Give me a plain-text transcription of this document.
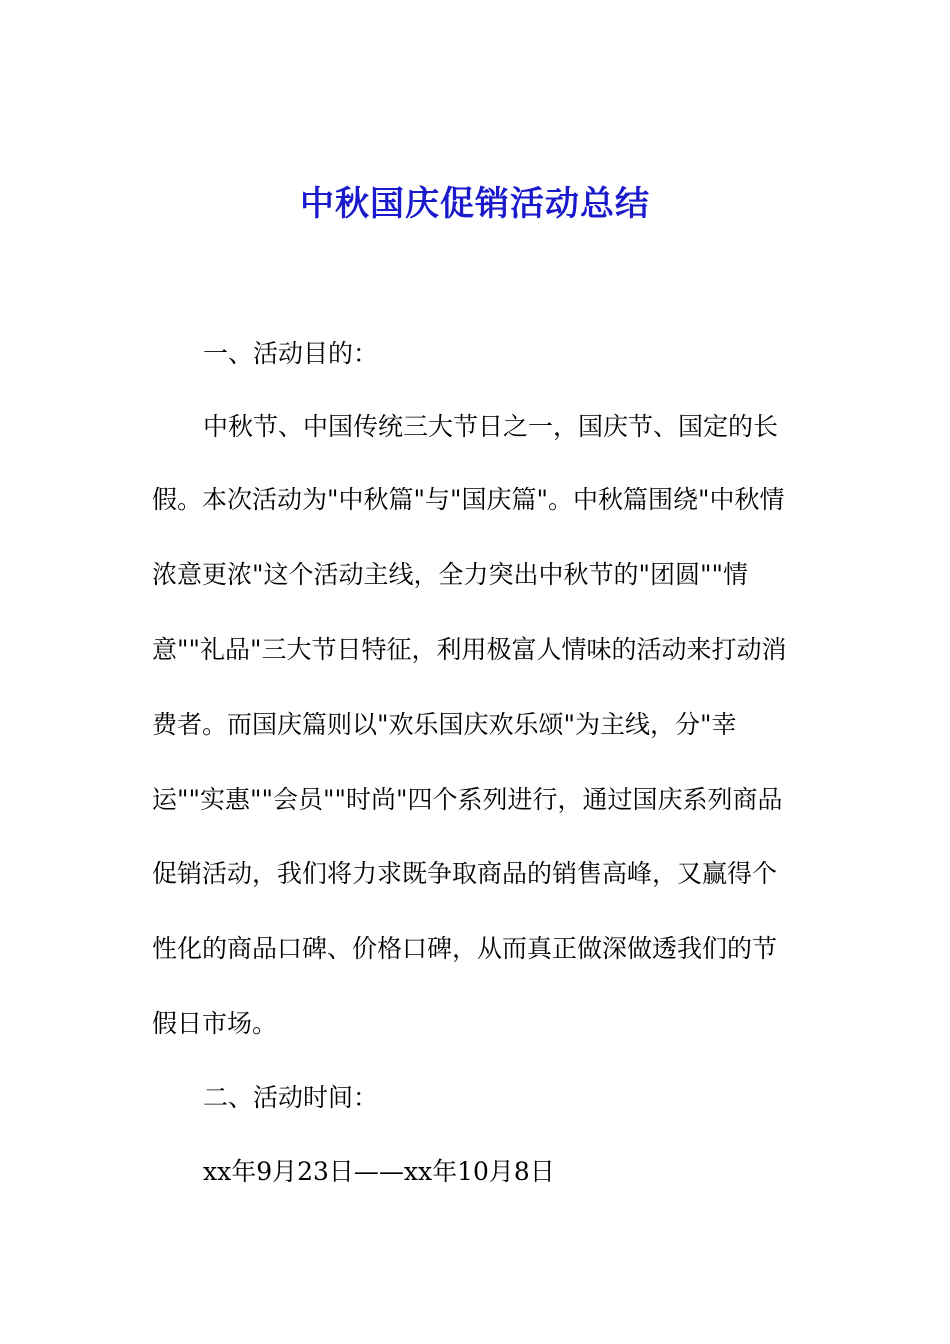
中秋国庆促销活动总结
一、活动目的：
中秋节、中国传统三大节日之一，国庆节、国定的长
假。本次活动为"中秋篇"与"国庆篇"。中秋篇围绕"中秋情
浓意更浓"这个活动主线，全力突出中秋节的"团圆""情
意""礼品"三大节日特征，利用极富人情味的活动来打动消
费者。而国庆篇则以"欢乐国庆欢乐颂"为主线，分"幸
运""实惠""会员""时尚"四个系列进行，通过国庆系列商品
促销活动，我们将力求既争取商品的销售高峰，又赢得个
性化的商品口碑、价格口碑，从而真正做深做透我们的节
假日市场。
二、活动时间：
xx年9月23日——xx年10月8日
